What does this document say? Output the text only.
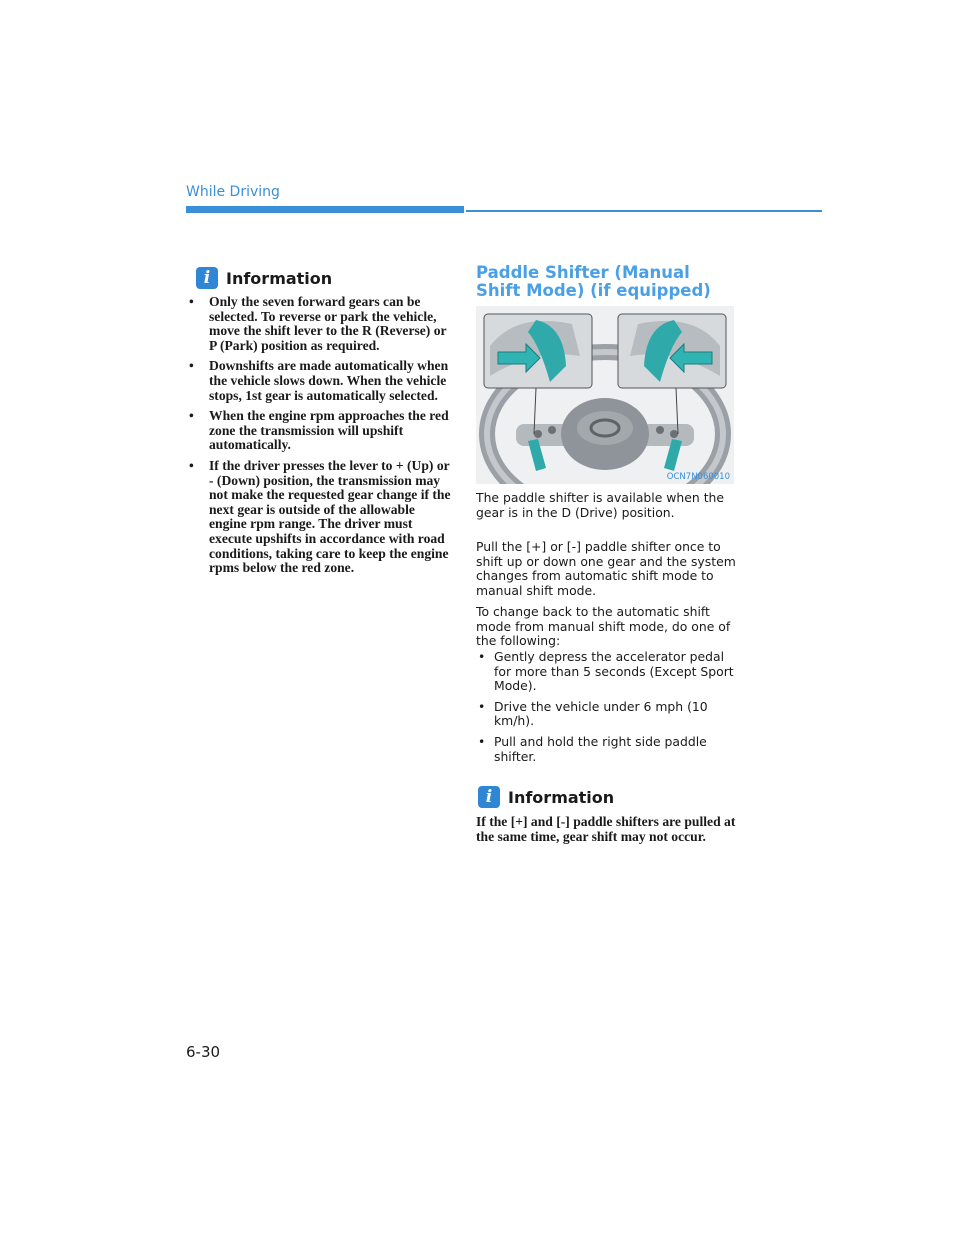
While Driving
i Information
• Only the seven forward gears can be selected. To reverse or park the vehicle, move the shift lever to the R (Reverse) or P (Park) position as required.
• Downshifts are made automatically when the vehicle slows down. When the vehicle stops, 1st gear is automatically selected.
• When the engine rpm approaches the red zone the transmission will upshift automatically.
• If the driver presses the lever to + (Up) or - (Down) position, the transmission may not make the requested gear change if the next gear is outside of the allowable engine rpm range. The driver must execute upshifts in accordance with road conditions, taking care to keep the engine rpms below the red zone.
Paddle Shifter (Manual Shift Mode) (if equipped)
OCN7N060010

The paddle shifter is available when the gear is in the D (Drive) position.

Pull the [+] or [-] paddle shifter once to shift up or down one gear and the system changes from automatic shift mode to manual shift mode.

To change back to the automatic shift mode from manual shift mode, do one of the following:

• Gently depress the accelerator pedal for more than 5 seconds (Except Sport Mode).
• Drive the vehicle under 6 mph (10 km/h).
• Pull and hold the right side paddle shifter.
i Information

If the [+] and [-] paddle shifters are pulled at the same time, gear shift may not occur.

6-30
